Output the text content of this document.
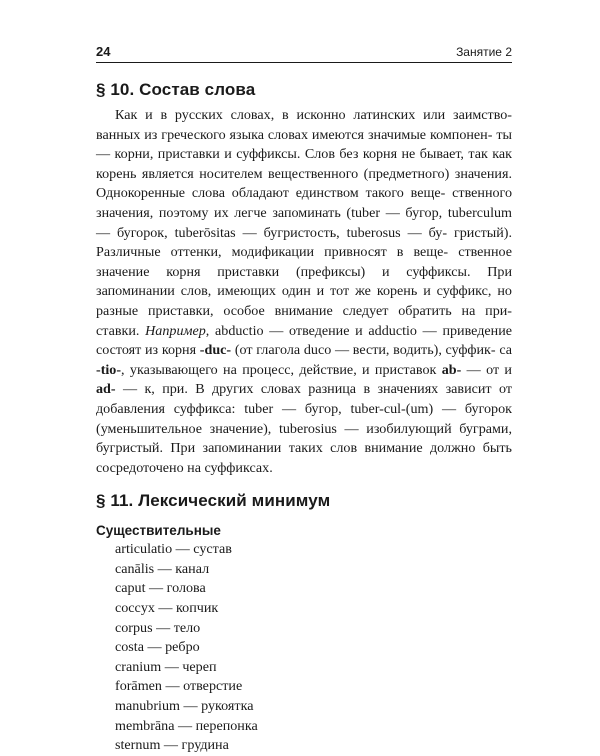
24	Занятие 2
§ 10. Состав слова

Как и в русских словах, в исконно латинских или заимство- ванных из греческого языка словах имеются значимые компонен- ты — корни, приставки и суффиксы. Слов без корня не бывает, так как корень является носителем вещественного (предметного) значения. Однокоренные слова обладают единством такого веще- ственного значения, поэтому их легче запоминать (tuber — бугор, tuberculum — бугорок, tuberōsitas — бугристость, tuberosus — бу- гристый). Различные оттенки, модификации привносят в веще- ственное значение корня приставки (префиксы) и суффиксы. При запоминании слов, имеющих один и тот же корень и суффикс, но разные приставки, особое внимание следует обратить на при- ставки. Например, abductio — отведение и adductio — приведение состоят из корня -duc- (от глагола duco — вести, водить), суффик- са -tio-, указывающего на процесс, действие, и приставок ab- — от и ad- — к, при. В других словах разница в значениях зависит от добавления суффикса: tuber — бугор, tuber-cul-(um) — бугорок (уменьшительное значение), tuberosius — изобилующий буграми, бугристый. При запоминании таких слов внимание должно быть сосредоточено на суффиксах.

§ 11. Лексический минимум
Существительные
articulatio — сустав
canālis — канал
caput — голова
coccyx — копчик
corpus — тело
costa — ребро
cranium — череп
forāmen — отверстие
manubrium — рукоятка
membrāna — перепонка
sternum — грудина
